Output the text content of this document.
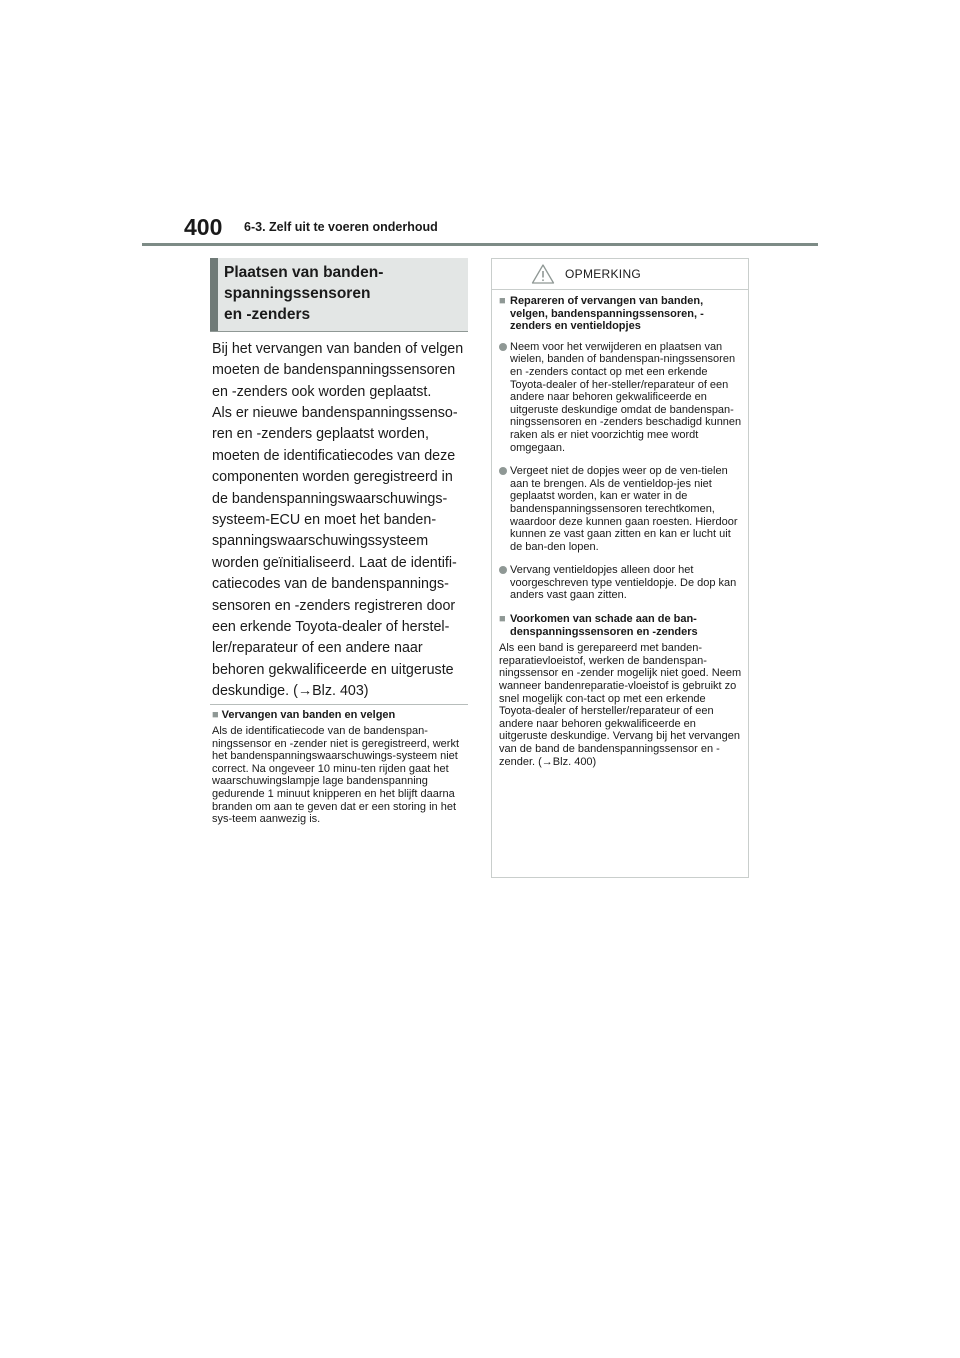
400 6-3. Zelf uit te voeren onderhoud
Plaatsen van banden-
spanningssensoren
en -zenders
Bij het vervangen van banden of velgen moeten de bandenspanningssensoren en -zenders ook worden geplaatst.
Als er nieuwe bandenspanningssenso-ren en -zenders geplaatst worden, moeten de identificatiecodes van deze componenten worden geregistreerd in de bandenspanningswaarschuwings-systeem-ECU en moet het banden-spanningswaarschuwingssysteem worden geïnitialiseerd. Laat de identifi-catiecodes van de bandenspannings-sensoren en -zenders registreren door een erkende Toyota-dealer of herstel-ler/reparateur of een andere naar behoren gekwalificeerde en uitgeruste deskundige. (→Blz. 403)
■ Vervangen van banden en velgen
Als de identificatiecode van de bandenspan-ningssensor en -zender niet is geregistreerd, werkt het bandenspanningswaarschuwings-systeem niet correct. Na ongeveer 10 minu-ten rijden gaat het waarschuwingslampje lage bandenspanning gedurende 1 minuut knipperen en het blijft daarna branden om aan te geven dat er een storing in het sys-teem aanwezig is.
OPMERKING
■ Repareren of vervangen van banden, velgen, bandenspanningssensoren, -zenders en ventieldopjes
Neem voor het verwijderen en plaatsen van wielen, banden of bandenspan-ningssensoren en -zenders contact op met een erkende Toyota-dealer of her-steller/reparateur of een andere naar behoren gekwalificeerde en uitgeruste deskundige omdat de bandenspan-ningssensoren en -zenders beschadigd kunnen raken als er niet voorzichtig mee wordt omgegaan.
Vergeet niet de dopjes weer op de ven-tielen aan te brengen. Als de ventieldop-jes niet geplaatst worden, kan er water in de bandenspanningssensoren terechtkomen, waardoor deze kunnen gaan roesten. Hierdoor kunnen ze vast gaan zitten en kan er lucht uit de ban-den lopen.
Vervang ventieldopjes alleen door het voorgeschreven type ventieldopje. De dop kan anders vast gaan zitten.
■ Voorkomen van schade aan de ban-denspanningssensoren en -zenders
Als een band is gerepareerd met banden-reparatievloeistof, werken de bandenspan-ningssensor en -zender mogelijk niet goed. Neem wanneer bandenreparatie-vloeistof is gebruikt zo snel mogelijk con-tact op met een erkende Toyota-dealer of hersteller/reparateur of een andere naar behoren gekwalificeerde en uitgeruste deskundige. Vervang bij het vervangen van de band de bandenspanningssensor en -zender. (→Blz. 400)
